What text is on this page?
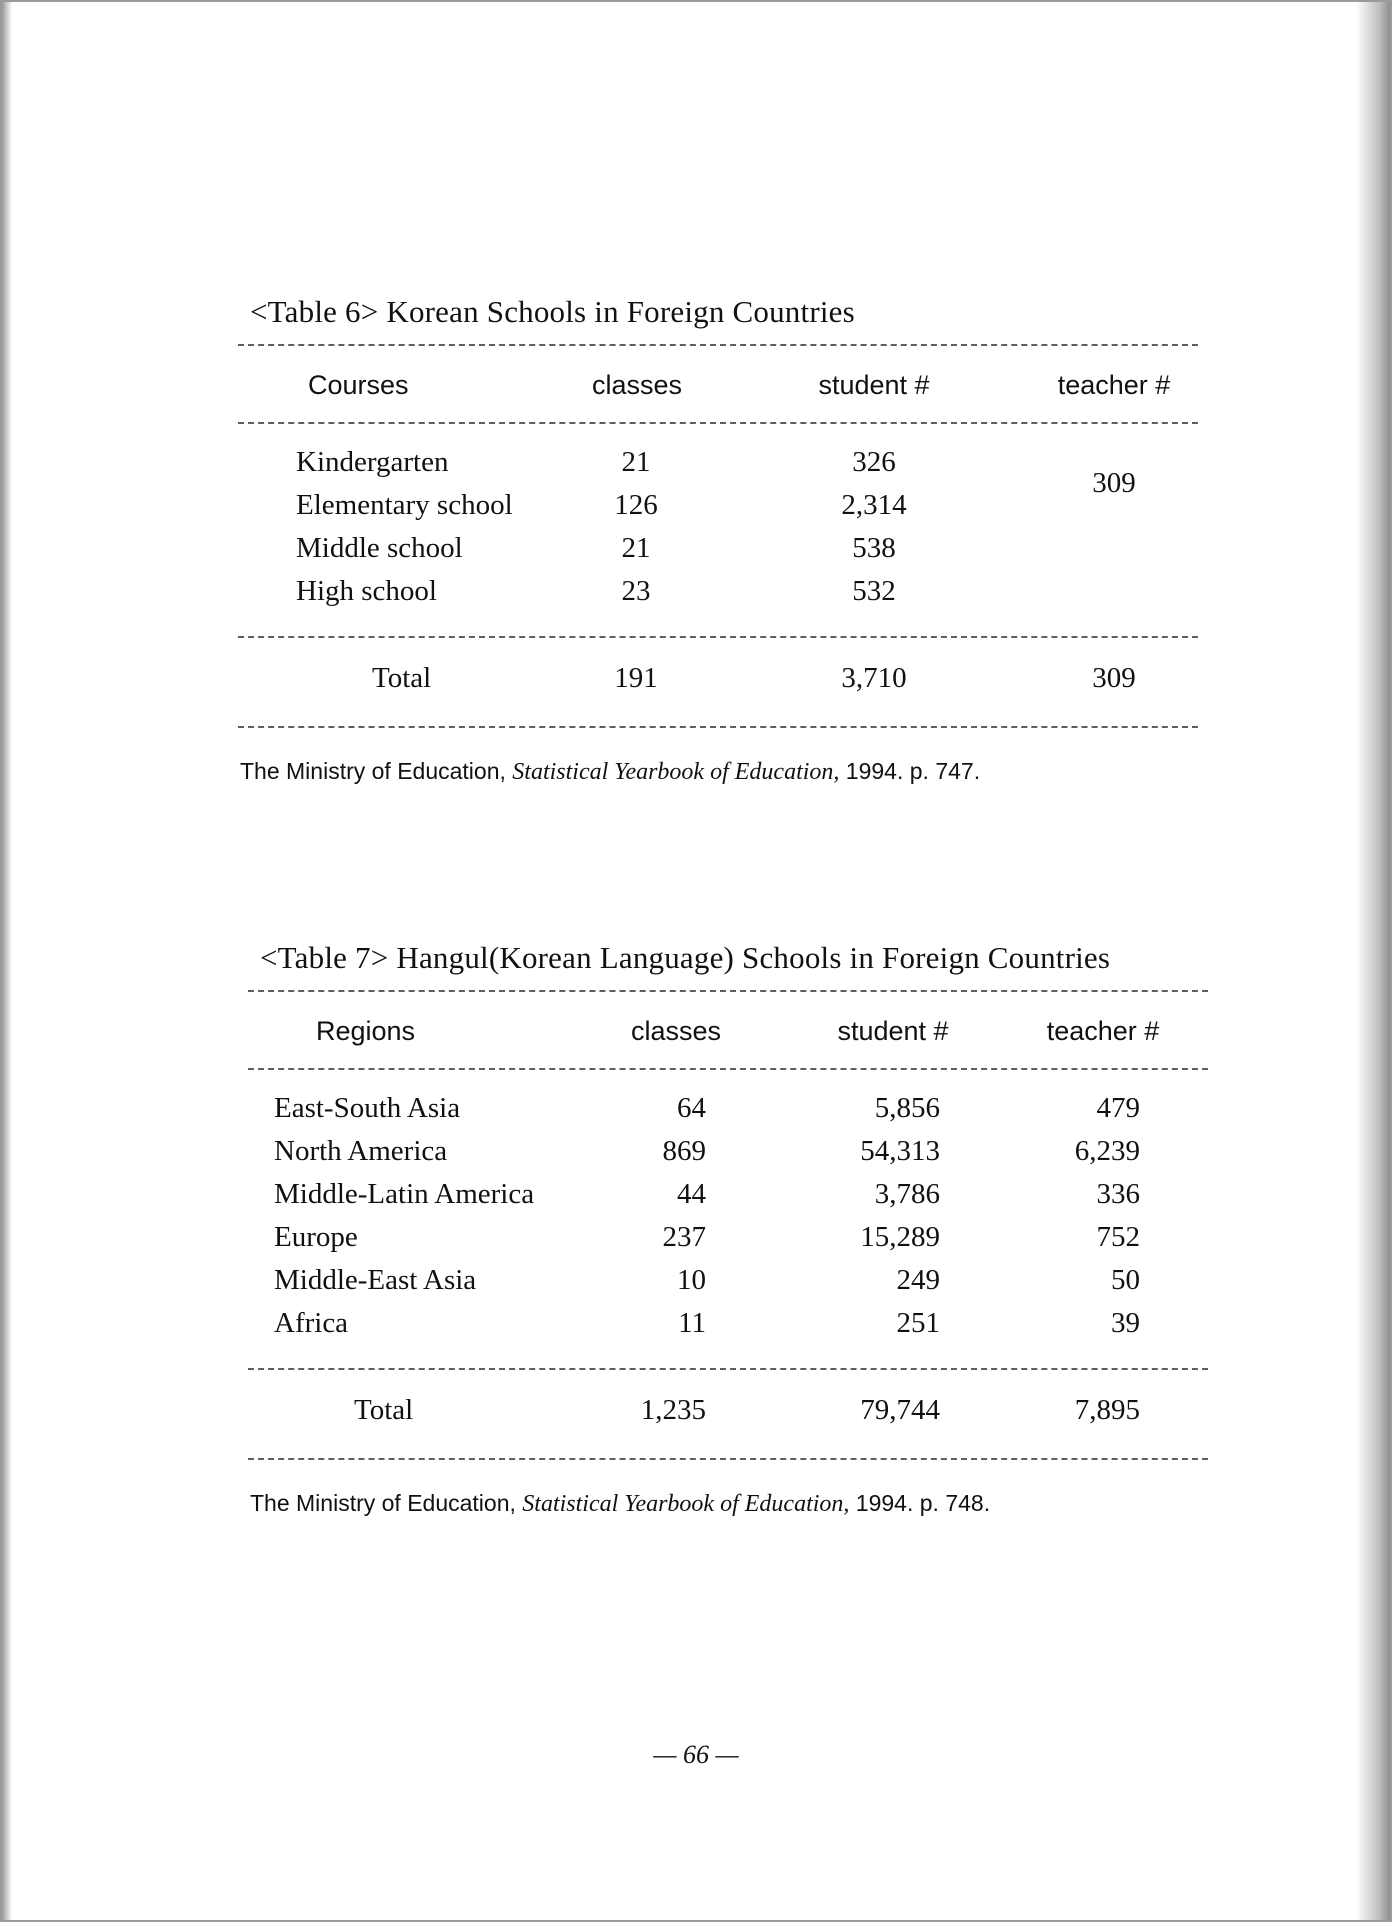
<Table 6> Korean Schools in Foreign Countries
Courses	classes	student #	teacher #
Kindergarten	21	326
Elementary school	126	2,314
Middle school	21	538
High school	23	532
309
Total	191	3,710	309
The Ministry of Education, Statistical Yearbook of Education, 1994. p. 747.
<Table 7> Hangul(Korean Language) Schools in Foreign Countries
Regions	classes	student #	teacher #
East-South Asia	64	5,856	479
North America	869	54,313	6,239
Middle-Latin America	44	3,786	336
Europe	237	15,289	752
Middle-East Asia	10	249	50
Africa	11	251	39
Total	1,235	79,744	7,895
The Ministry of Education, Statistical Yearbook of Education, 1994. p. 748.
— 66 —
